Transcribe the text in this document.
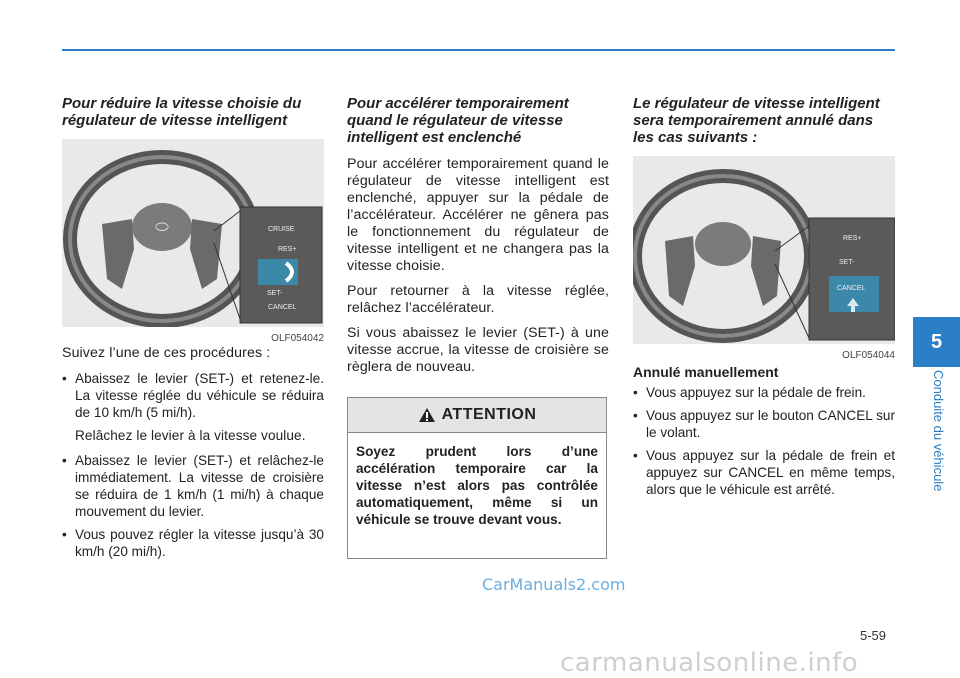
Pour réduire la vitesse choisie du régulateur de vitesse intelligent
⬭	CRUISE
RES+
SET-
CANCEL
OLF054042

Suivez l’une de ces procédures :

• Abaissez le levier (SET-) et retenez-le. La vitesse réglée du véhicule se réduira de 10 km/h (5 mi/h).

Relâchez le levier à la vitesse voulue.

• Abaissez le levier (SET-) et relâchez-le immédiatement. La vitesse de croisière se réduira de 1 km/h (1 mi/h) à chaque mouvement du levier.
• Vous pouvez régler la vitesse jusqu’à 30 km/h (20 mi/h).
Pour accélérer temporairement quand le régulateur de vitesse intelligent est enclenché

Pour accélérer temporairement quand le régulateur de vitesse intelligent est enclenché, appuyer sur la pédale de l’accélérateur. Accélérer ne gênera pas le fonctionnement du régulateur de vitesse intelligent et ne changera pas la vitesse choisie.

Pour retourner à la vitesse réglée, relâchez l’accélérateur.

Si vous abaissez le levier (SET-) à une vitesse accrue, la vitesse de croisière se règlera de nouveau.

ATTENTION
Soyez prudent lors d’une accélération temporaire car la vitesse n’est alors pas contrôlée automatiquement, même si un véhicule se trouve devant vous.
Le régulateur de vitesse intelligent sera temporairement annulé dans les cas suivants :
RES+
SET-
CANCEL
OLF054044
Annulé manuellement
• Vous appuyez sur la pédale de frein.
• Vous appuyez sur le bouton CANCEL sur le volant.
• Vous appuyez sur la pédale de frein et appuyez sur CANCEL en même temps, alors que le véhicule est arrêté.
CarManuals2.com
5-59
carmanualsonline.info
5
Conduite du véhicule
